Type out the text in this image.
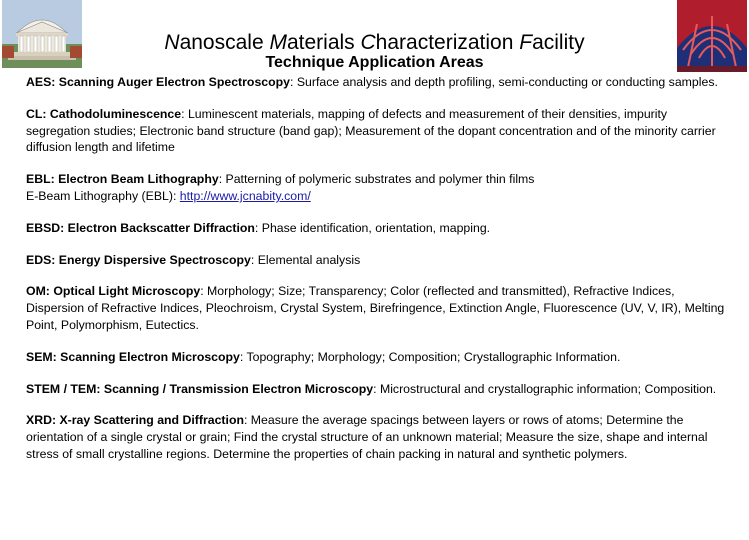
Nanoscale Materials Characterization Facility
Technique Application Areas

AES: Scanning Auger Electron Spectroscopy: Surface analysis and depth profiling, semi-conducting or conducting samples.

CL: Cathodoluminescence: Luminescent materials, mapping of defects and measurement of their densities, impurity segregation studies; Electronic band structure (band gap); Measurement of the dopant concentration and of the minority carrier diffusion length and lifetime

EBL: Electron Beam Lithography: Patterning of polymeric substrates and polymer thin films
E-Beam Lithography (EBL): http://www.jcnabity.com/

EBSD: Electron Backscatter Diffraction: Phase identification, orientation, mapping.

EDS: Energy Dispersive Spectroscopy: Elemental analysis

OM: Optical Light Microscopy: Morphology; Size; Transparency; Color (reflected and transmitted), Refractive Indices, Dispersion of Refractive Indices, Pleochroism, Crystal System, Birefringence, Extinction Angle, Fluorescence (UV, V, IR), Melting Point, Polymorphism, Eutectics.

SEM: Scanning Electron Microscopy: Topography; Morphology; Composition; Crystallographic Information.

STEM / TEM: Scanning / Transmission Electron Microscopy: Microstructural and crystallographic information; Composition.

XRD: X-ray Scattering and Diffraction: Measure the average spacings between layers or rows of atoms; Determine the orientation of a single crystal or grain; Find the crystal structure of an unknown material; Measure the size, shape and internal stress of small crystalline regions. Determine the properties of chain packing in natural and synthetic polymers.
